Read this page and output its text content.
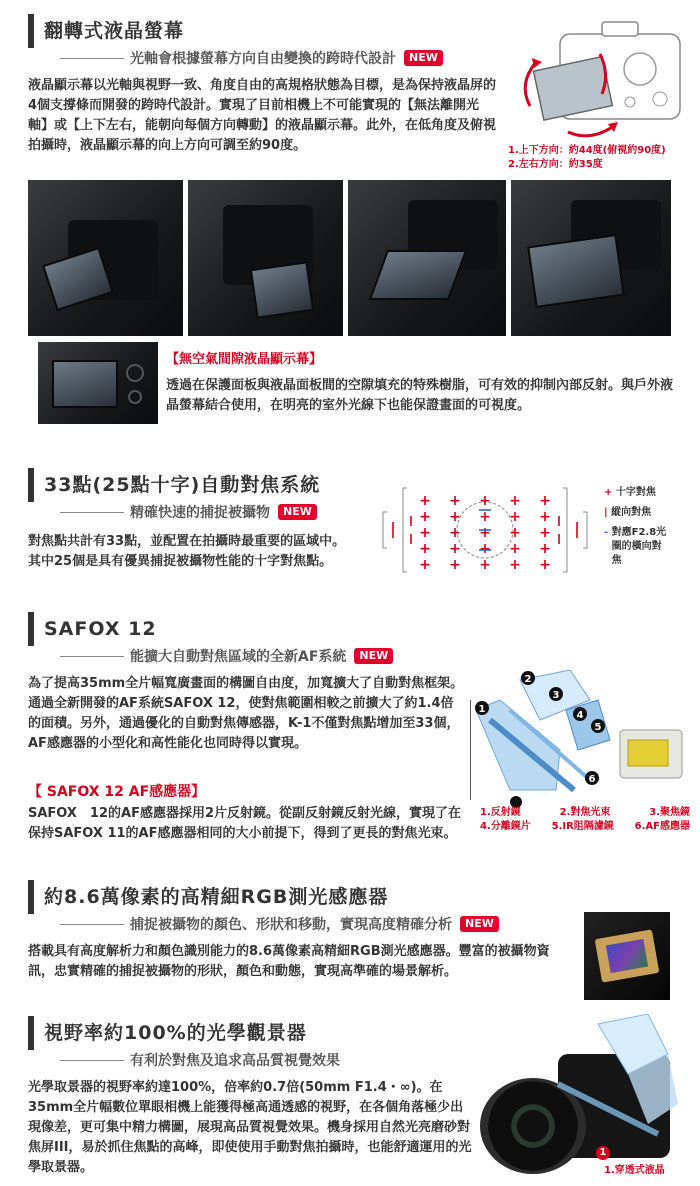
翻轉式液晶螢幕
光軸會根據螢幕方向自由變換的跨時代設計	NEW
液晶顯示幕以光軸與視野一致、角度自由的高規格狀態為目標，是為保持液晶屏的4個支撐條而開發的跨時代設計。實現了目前相機上不可能實現的【無法離開光軸】或【上下左右，能朝向每個方向轉動】的液晶顯示幕。此外，在低角度及俯視拍攝時，液晶顯示幕的向上方向可調至約90度。	1.上下方向：約44度(俯視約90度)
2.左右方向：約35度
【無空氣間隙液晶顯示幕】
透過在保護面板與液晶面板間的空隙填充的特殊樹脂，可有效的抑制內部反射。與戶外液晶螢幕結合使用，在明亮的室外光線下也能保證畫面的可視度。
33點(25點十字)自動對焦系統
精確快速的捕捉被攝物	NEW
對焦點共計有33點，並配置在拍攝時最重要的區域中。其中25個是具有優異捕捉被攝物性能的十字對焦點。
+ + + + +
+ + + + +
+ + + + +
+ + + + +
+ + + + +
+ 十字對焦
| 縱向對焦
- 對應F2.8光圈的橫向對焦
SAFOX 12
能擴大自動對焦區域的全新AF系統	NEW
為了提高35mm全片幅寬廣畫面的構圖自由度，加寬擴大了自動對焦框架。通過全新開發的AF系統SAFOX 12，使對焦範圍相較之前擴大了約1.4倍的面積。另外，通過優化的自動對焦傳感器，K-1不僅對焦點增加至33個，AF感應器的小型化和高性能化也同時得以實現。
【 SAFOX 12 AF感應器】
SAFOX　12的AF感應器採用2片反射鏡。從副反射鏡反射光線，實現了在保持SAFOX 11的AF感應器相同的大小前提下，得到了更長的對焦光束。
1
2
3
4
5
6
1.反射鏡	2.對焦光束	3.聚焦鏡
4.分離鏡片 5.IR阻隔濾鏡 6.AF感應器
約8.6萬像素的高精細RGB測光感應器
捕捉被攝物的顏色、形狀和移動，實現高度精確分析	NEW
搭載具有高度解析力和顏色識別能力的8.6萬像素高精細RGB測光感應器。豐富的被攝物資訊，忠實精確的捕捉被攝物的形狀，顏色和動態，實現高準確的場景解析。
視野率約100%的光學觀景器
有利於對焦及追求高品質視覺效果
光學取景器的視野率約達100%，倍率約0.7倍(50mm F1.4・∞)。在35mm全片幅數位單眼相機上能獲得極高通透感的視野，在各個角落極少出現像差，更可集中精力構圖，展現高品質視覺效果。機身採用自然光亮磨砂對焦屏III，易於抓住焦點的高峰，即使使用手動對焦拍攝時，也能舒適運用的光學取景器。
1
1.穿透式液晶
